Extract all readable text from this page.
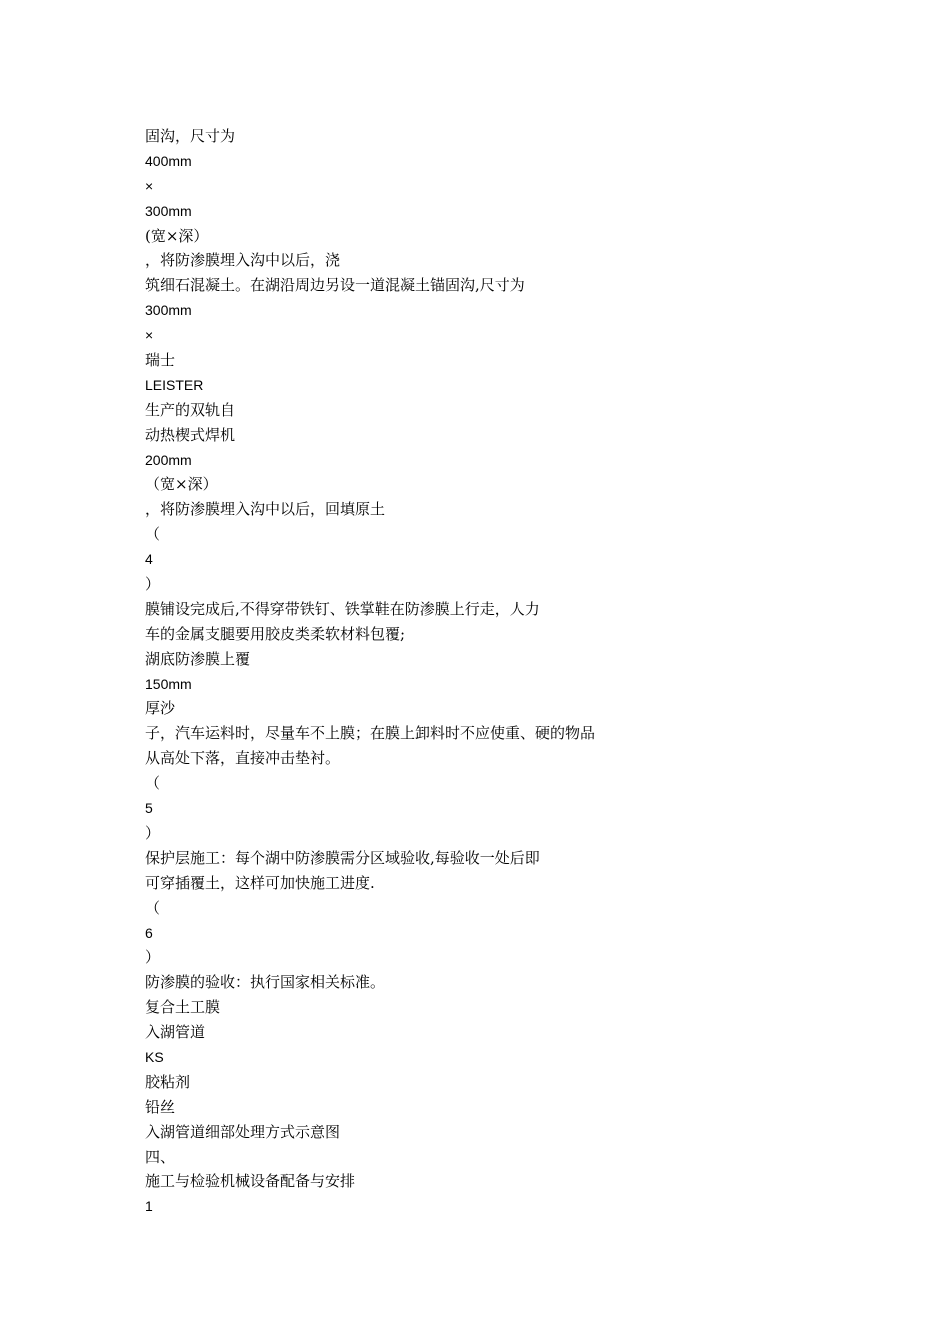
固沟，尺寸为
400mm
×
300mm
(宽×深）
，将防渗膜埋入沟中以后，浇
筑细石混凝土。在湖沿周边另设一道混凝土锚固沟,尺寸为
300mm
×
瑞士
LEISTER
生产的双轨自
动热楔式焊机
200mm
（宽×深）
，将防渗膜埋入沟中以后，回填原土
（
4
）
膜铺设完成后,不得穿带铁钉、铁掌鞋在防渗膜上行走，人力
车的金属支腿要用胶皮类柔软材料包覆;
湖底防渗膜上覆
150mm
厚沙
子，汽车运料时，尽量车不上膜；在膜上卸料时不应使重、硬的物品
从高处下落，直接冲击垫衬。
（
5
）
保护层施工：每个湖中防渗膜需分区域验收,每验收一处后即
可穿插覆土，这样可加快施工进度.
（
6
）
防渗膜的验收：执行国家相关标准。
复合土工膜
入湖管道
KS
胶粘剂
铅丝
入湖管道细部处理方式示意图
四、
施工与检验机械设备配备与安排
1
